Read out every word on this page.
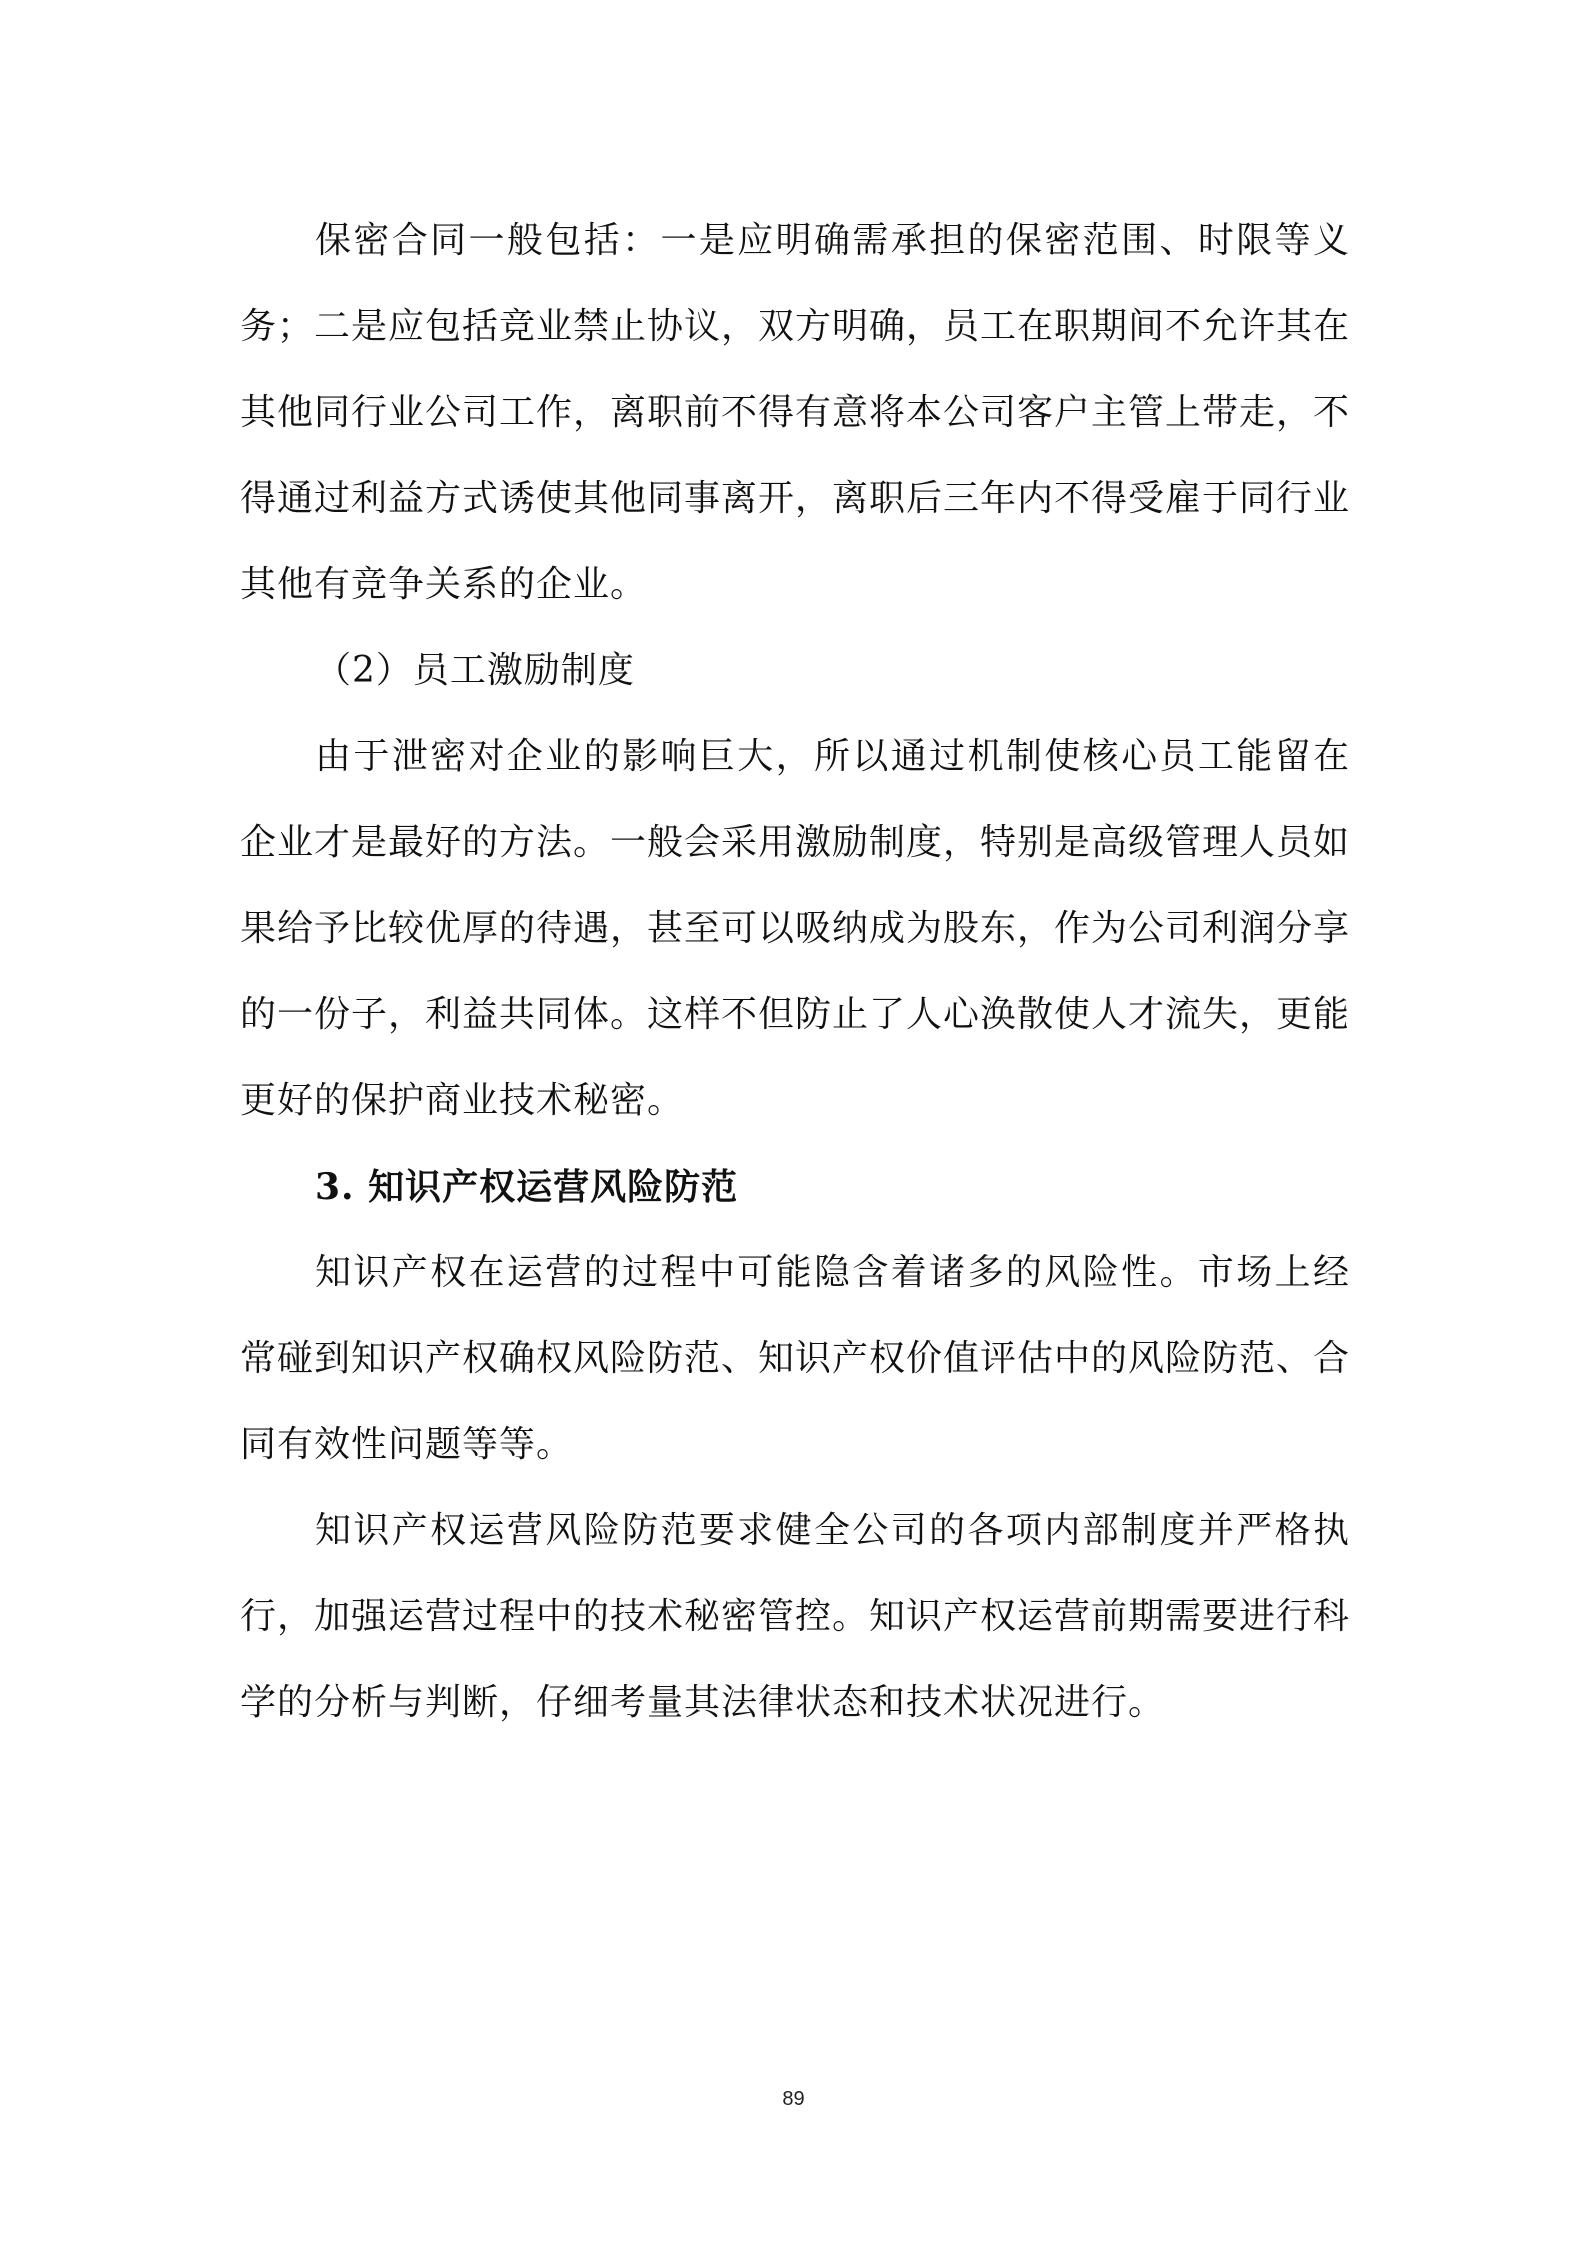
保密合同一般包括：一是应明确需承担的保密范围、时限等义务；二是应包括竞业禁止协议，双方明确，员工在职期间不允许其在其他同行业公司工作，离职前不得有意将本公司客户主管上带走，不得通过利益方式诱使其他同事离开，离职后三年内不得受雇于同行业其他有竞争关系的企业。

（2）员工激励制度

由于泄密对企业的影响巨大，所以通过机制使核心员工能留在企业才是最好的方法。一般会采用激励制度，特别是高级管理人员如果给予比较优厚的待遇，甚至可以吸纳成为股东，作为公司利润分享的一份子，利益共同体。这样不但防止了人心涣散使人才流失，更能更好的保护商业技术秘密。

3. 知识产权运营风险防范

知识产权在运营的过程中可能隐含着诸多的风险性。市场上经常碰到知识产权确权风险防范、知识产权价值评估中的风险防范、合同有效性问题等等。

知识产权运营风险防范要求健全公司的各项内部制度并严格执行，加强运营过程中的技术秘密管控。知识产权运营前期需要进行科学的分析与判断，仔细考量其法律状态和技术状况进行。

89
